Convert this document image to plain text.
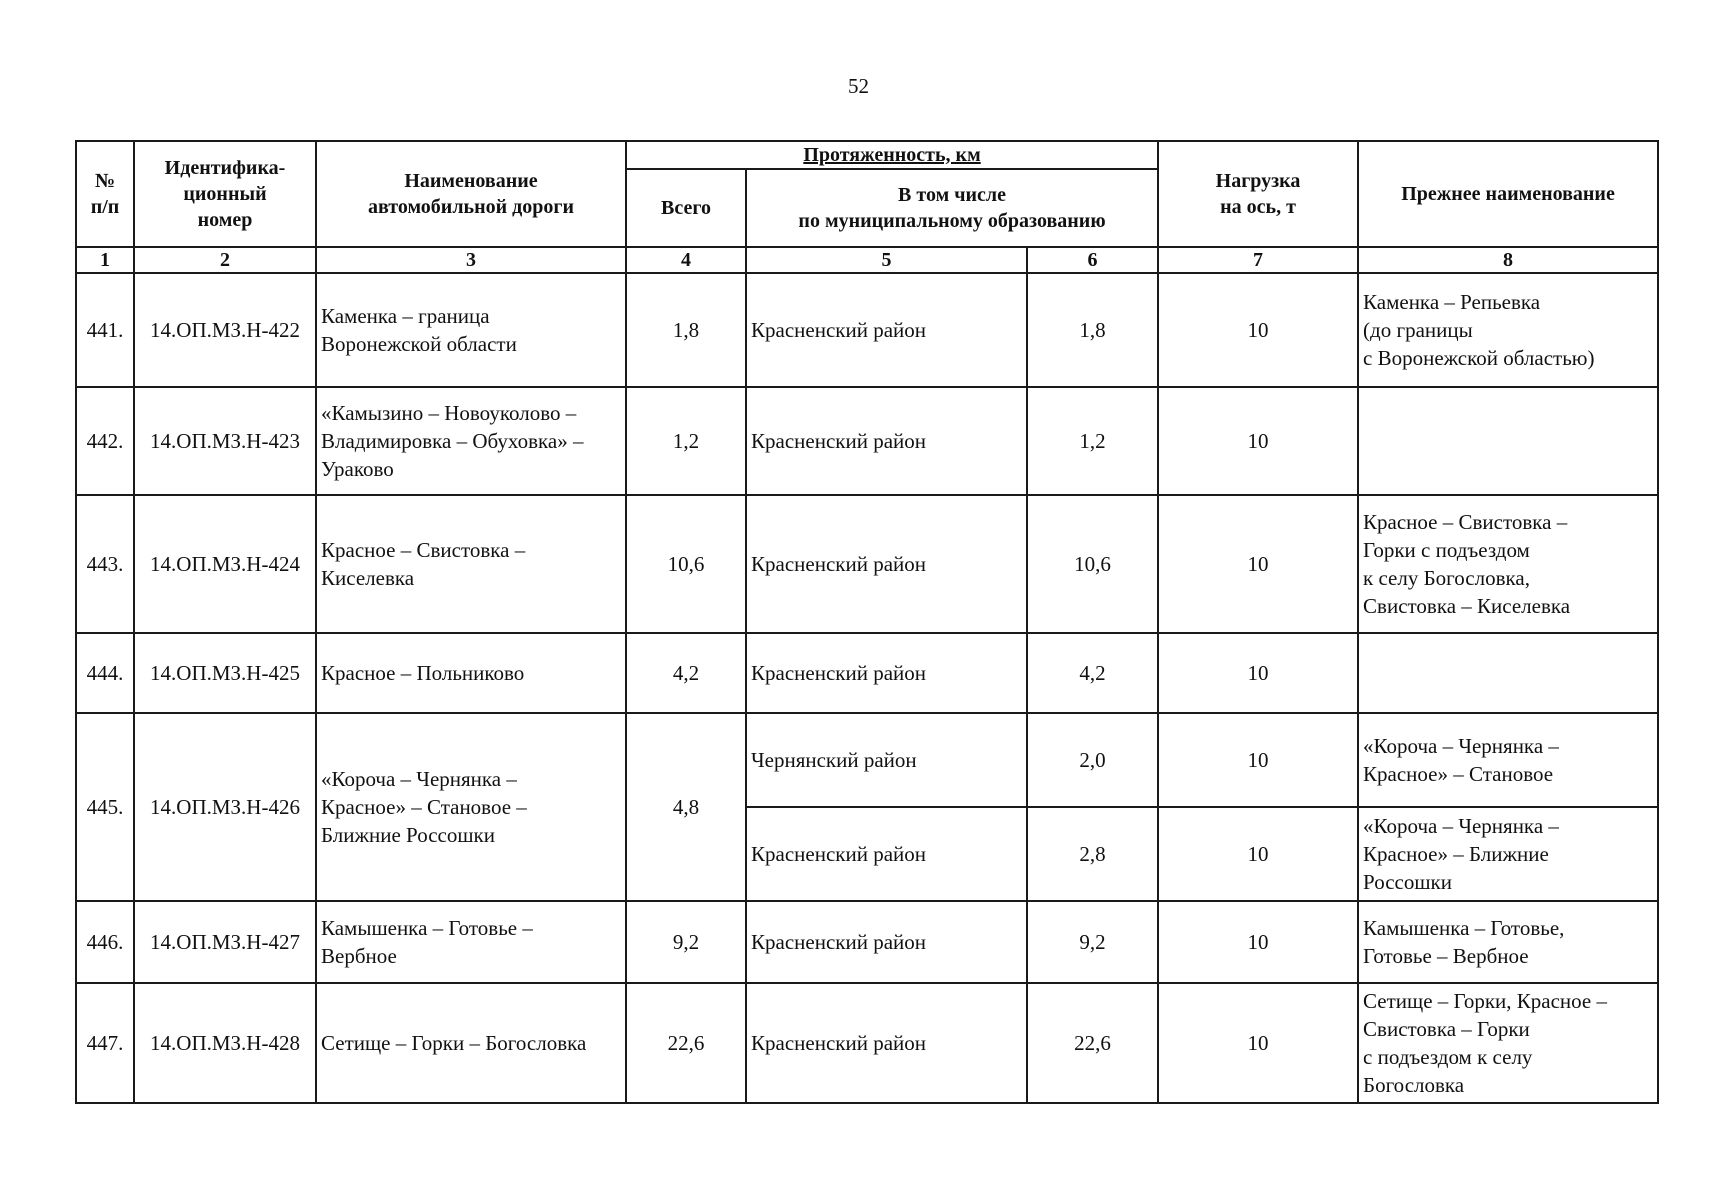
52
№
п/п	Идентифика-
ционный
номер	Наименование
автомобильной дороги	Протяженность, км			Нагрузка
на ось, т	Прежнее наименование

			Всего	В том числе
по муниципальному образованию			

1	2	3	4	5	6	7	8
441.	14.ОП.МЗ.Н-422	Каменка – граница
Воронежской области	1,8	Красненский район	1,8	10	Каменка – Репьевка
(до границы
с Воронежской областью)

442.	14.ОП.МЗ.Н-423	«Камызино – Новоуколово –
Владимировка – Обуховка» –
Ураково	1,2	Красненский район	1,2	10	

443.	14.ОП.МЗ.Н-424	Красное – Свистовка –
Киселевка	10,6	Красненский район	10,6	10	Красное – Свистовка –
Горки с подъездом
к селу Богословка,
Свистовка – Киселевка

444.	14.ОП.МЗ.Н-425	Красное – Польниково	4,2	Красненский район	4,2	10	

445.	14.ОП.МЗ.Н-426	«Короча – Чернянка –
Красное» – Становое –
Ближние Россошки	4,8	Чернянский район	2,0	10	«Короча – Чернянка –
Красное» – Становое

				Красненский район	2,8	10	«Короча – Чернянка –
Красное» – Ближние
Россошки

446.	14.ОП.МЗ.Н-427	Камышенка – Готовье –
Вербное	9,2	Красненский район	9,2	10	Камышенка – Готовье,
Готовье – Вербное

447.	14.ОП.МЗ.Н-428	Сетище – Горки – Богословка	22,6	Красненский район	22,6	10	Сетище – Горки, Красное –
Свистовка – Горки
с подъездом к селу
Богословка
